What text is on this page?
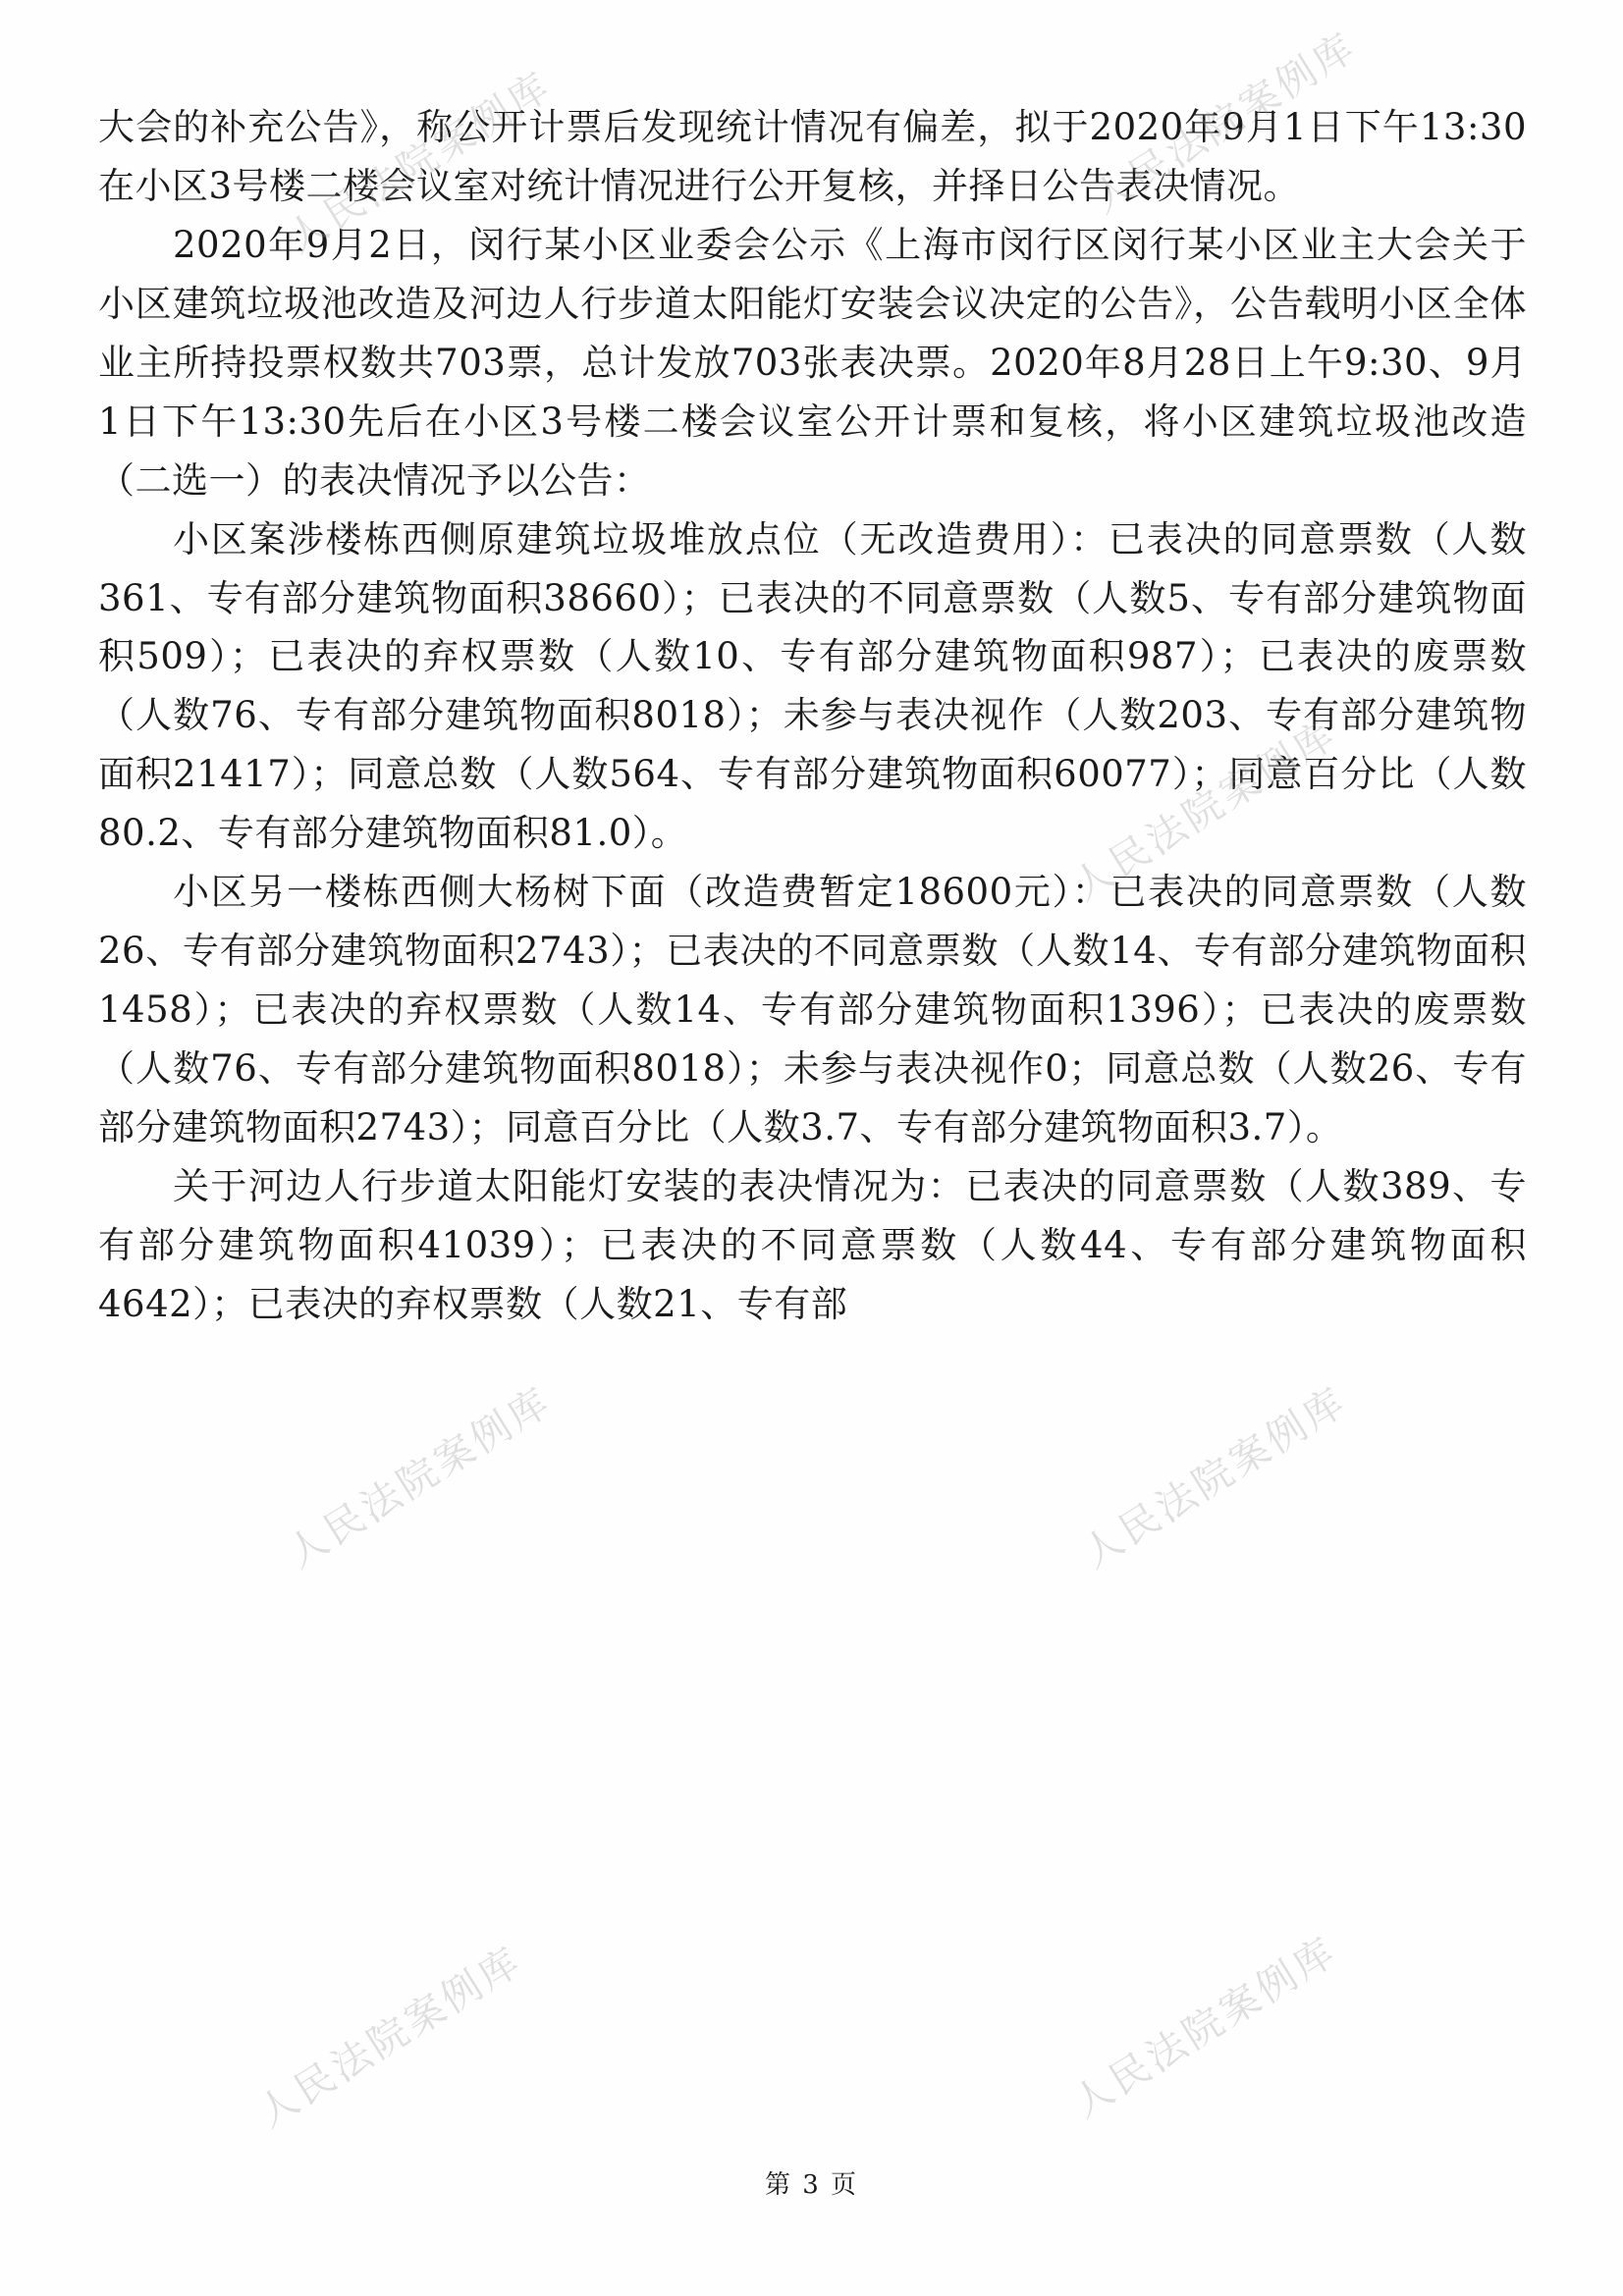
大会的补充公告》，称公开计票后发现统计情况有偏差，拟于2020年9月1日下午13:30在小区3号楼二楼会议室对统计情况进行公开复核，并择日公告表决情况。

2020年9月2日，闵行某小区业委会公示《上海市闵行区闵行某小区业主大会关于小区建筑垃圾池改造及河边人行步道太阳能灯安装会议决定的公告》，公告载明小区全体业主所持投票权数共703票，总计发放703张表决票。2020年8月28日上午9:30、9月1日下午13:30先后在小区3号楼二楼会议室公开计票和复核，将小区建筑垃圾池改造（二选一）的表决情况予以公告：

小区案涉楼栋西侧原建筑垃圾堆放点位（无改造费用）：已表决的同意票数（人数361、专有部分建筑物面积38660）；已表决的不同意票数（人数5、专有部分建筑物面积509）；已表决的弃权票数（人数10、专有部分建筑物面积987）；已表决的废票数（人数76、专有部分建筑物面积8018）；未参与表决视作（人数203、专有部分建筑物面积21417）；同意总数（人数564、专有部分建筑物面积60077）；同意百分比（人数80.2、专有部分建筑物面积81.0）。

小区另一楼栋西侧大杨树下面（改造费暂定18600元）：已表决的同意票数（人数26、专有部分建筑物面积2743）；已表决的不同意票数（人数14、专有部分建筑物面积1458）；已表决的弃权票数（人数14、专有部分建筑物面积1396）；已表决的废票数（人数76、专有部分建筑物面积8018）；未参与表决视作0；同意总数（人数26、专有部分建筑物面积2743）；同意百分比（人数3.7、专有部分建筑物面积3.7）。

关于河边人行步道太阳能灯安装的表决情况为：已表决的同意票数（人数389、专有部分建筑物面积41039）；已表决的不同意票数（人数44、专有部分建筑物面积4642）；已表决的弃权票数（人数21、专有部

人民法院案例库	人民法院案例库
人民法院案例库
人民法院案例库	人民法院案例库
人民法院案例库
人民法院案例库
第 3 页
